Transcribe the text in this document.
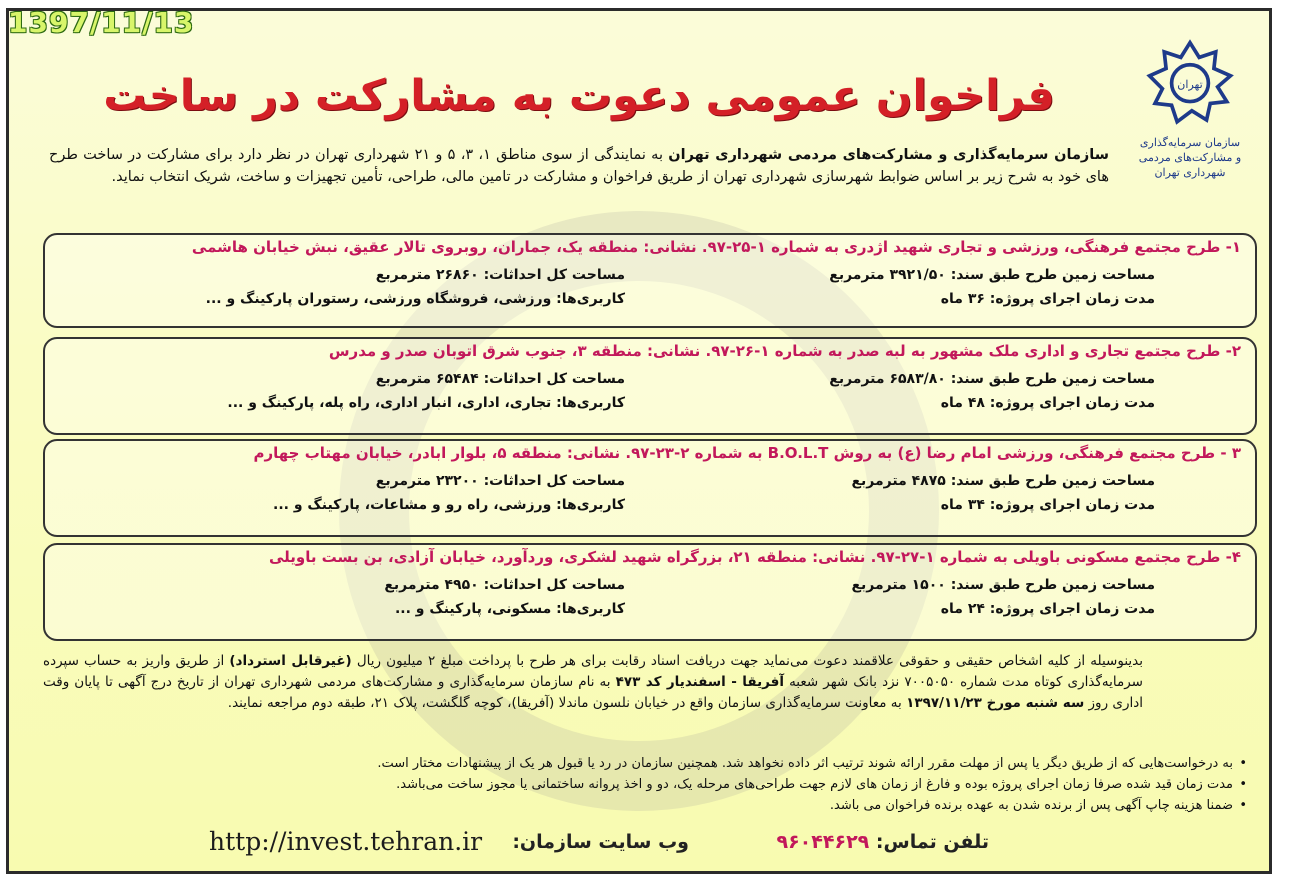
1397/11/13
تهران
سازمان سرمایه‌گذاری
و مشارکت‌های مردمی شهرداری تهران
فراخوان عمومی دعوت به مشارکت در ساخت
سازمان سرمایه‌گذاری و مشارکت‌های مردمی شهرداری تهران به نمایندگی از سوی مناطق ۱، ۳، ۵ و ۲۱ شهرداری تهران در نظر دارد برای مشارکت در ساخت طرح های خود به شرح زیر بر اساس ضوابط شهرسازی شهرداری تهران از طریق فراخوان و مشارکت در تامین مالی، طراحی، تأمین تجهیزات و ساخت، شریک انتخاب نماید.
۱- طرح مجتمع فرهنگی، ورزشی و تجاری شهید اژدری به شماره ۱-۲۵-۹۷. نشانی: منطقه یک، جماران، روبروی تالار عقیق، نبش خیابان هاشمی
مساحت زمین طرح طبق سند: ۳۹۲۱/۵۰ مترمربع
مدت زمان اجرای پروژه: ۳۶ ماه
مساحت کل احداثات: ۲۶۸۶۰ مترمربع
کاربری‌ها: ورزشی، فروشگاه ورزشی، رستوران پارکینگ و ...
۲- طرح مجتمع تجاری و اداری ملک مشهور به لبه صدر به شماره ۱-۲۶-۹۷. نشانی: منطقه ۳، جنوب شرق اتوبان صدر و مدرس
مساحت زمین طرح طبق سند: ۶۵۸۳/۸۰ مترمربع
مدت زمان اجرای پروژه: ۴۸ ماه
مساحت کل احداثات: ۶۵۴۸۴ مترمربع
کاربری‌ها: تجاری، اداری، انبار اداری، راه پله، پارکینگ و ...
۳ - طرح مجتمع فرهنگی، ورزشی امام رضا (ع) به روش B.O.L.T به شماره ۲-۲۳-۹۷. نشانی: منطقه ۵، بلوار ابادر، خیابان مهتاب چهارم
مساحت زمین طرح طبق سند: ۴۸۷۵ مترمربع
مدت زمان اجرای پروژه: ۳۴ ماه
مساحت کل احداثات: ۲۳۲۰۰ مترمربع
کاربری‌ها: ورزشی، راه رو و مشاعات، پارکینگ و ...
۴- طرح مجتمع مسکونی باویلی به شماره ۱-۲۷-۹۷. نشانی: منطقه ۲۱، بزرگراه شهید لشکری، وردآورد، خیابان آزادی، بن بست باویلی
مساحت زمین طرح طبق سند: ۱۵۰۰ مترمربع
مدت زمان اجرای پروژه: ۲۴ ماه
مساحت کل احداثات: ۴۹۵۰ مترمربع
کاربری‌ها: مسکونی، پارکینگ و ...
بدینوسیله از کلیه اشخاص حقیقی و حقوقی علاقمند دعوت می‌نماید جهت دریافت اسناد رقابت برای هر طرح با پرداخت مبلغ ۲ میلیون ریال (غیرقابل استرداد) از طریق واریز به حساب سپرده سرمایه‌گذاری کوتاه مدت شماره ۷۰۰۵۰۵۰ نزد بانک شهر شعبه آفریقا - اسفندیار کد ۴۷۳ به نام سازمان سرمایه‌گذاری و مشارکت‌های مردمی شهرداری تهران از تاریخ درج آگهی تا پایان وقت اداری روز سه شنبه مورخ ۱۳۹۷/۱۱/۲۳ به معاونت سرمایه‌گذاری سازمان واقع در خیابان نلسون ماندلا (آفریقا)، کوچه گلگشت، پلاک ۲۱، طبقه دوم مراجعه نمایند.
• به درخواست‌هایی که از طریق دیگر یا پس از مهلت مقرر ارائه شوند ترتیب اثر داده نخواهد شد. همچنین سازمان در رد یا قبول هر یک از پیشنهادات مختار است.
• مدت زمان قید شده صرفا زمان اجرای پروژه بوده و فارغ از زمان های لازم جهت طراحی‌های مرحله یک، دو و اخذ پروانه ساختمانی یا مجوز ساخت می‌باشد.
• ضمنا هزینه چاپ آگهی پس از برنده شدن به عهده برنده فراخوان می باشد.
تلفن تماس: ۹۶۰۴۴۶۲۹
وب سایت سازمان:
http://invest.tehran.ir
